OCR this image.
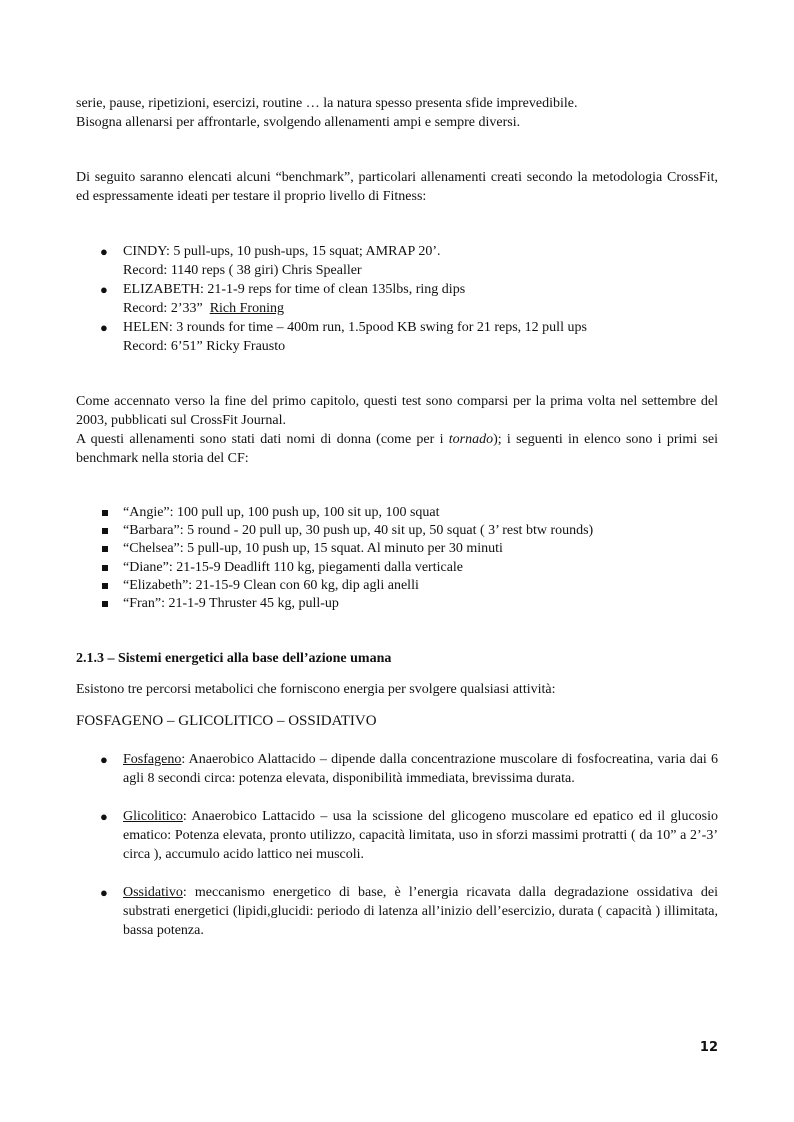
serie, pause, ripetizioni, esercizi, routine … la natura spesso presenta sfide imprevedibile.

Bisogna allenarsi per affrontarle, svolgendo allenamenti ampi e sempre diversi.

Di seguito saranno elencati alcuni “benchmark”, particolari allenamenti creati secondo la metodologia CrossFit, ed espressamente ideati per testare il proprio livello di Fitness:

● CINDY: 5 pull-ups, 10 push-ups, 15 squat; AMRAP 20’.
Record: 1140 reps ( 38 giri) Chris Spealler
● ELIZABETH: 21-1-9 reps for time of clean 135lbs, ring dips
Record: 2’33”  Rich Froning
● HELEN: 3 rounds for time – 400m run, 1.5pood KB swing for 21 reps, 12 pull ups
Record: 6’51” Ricky Frausto

Come accennato verso la fine del primo capitolo, questi test sono comparsi per la prima volta nel settembre del 2003, pubblicati sul CrossFit Journal.

A questi allenamenti sono stati dati nomi di donna (come per i tornado); i seguenti in elenco sono i primi sei benchmark nella storia del CF:

“Angie”: 100 pull up, 100 push up, 100 sit up, 100 squat
“Barbara”: 5 round - 20 pull up, 30 push up, 40 sit up, 50 squat ( 3’ rest btw rounds)
“Chelsea”: 5 pull-up, 10 push up, 15 squat. Al minuto per 30 minuti
“Diane”: 21-15-9 Deadlift 110 kg, piegamenti dalla verticale
“Elizabeth”: 21-15-9 Clean con 60 kg, dip agli anelli
“Fran”: 21-1-9 Thruster 45 kg, pull-up
2.1.3 – Sistemi energetici alla base dell’azione umana

Esistono tre percorsi metabolici che forniscono energia per svolgere qualsiasi attività:

FOSFAGENO – GLICOLITICO – OSSIDATIVO

● Fosfageno: Anaerobico Alattacido – dipende dalla concentrazione muscolare di fosfocreatina, varia dai 6 agli 8 secondi circa: potenza elevata, disponibilità immediata, brevissima durata.
● Glicolitico: Anaerobico Lattacido – usa la scissione del glicogeno muscolare ed epatico ed il glucosio ematico: Potenza elevata, pronto utilizzo, capacità limitata, uso in sforzi massimi protratti ( da 10” a 2’-3’ circa ), accumulo acido lattico nei muscoli.
● Ossidativo: meccanismo energetico di base, è l’energia ricavata dalla degradazione ossidativa dei substrati energetici (lipidi,glucidi: periodo di latenza all’inizio dell’esercizio, durata ( capacità ) illimitata, bassa potenza.
12
